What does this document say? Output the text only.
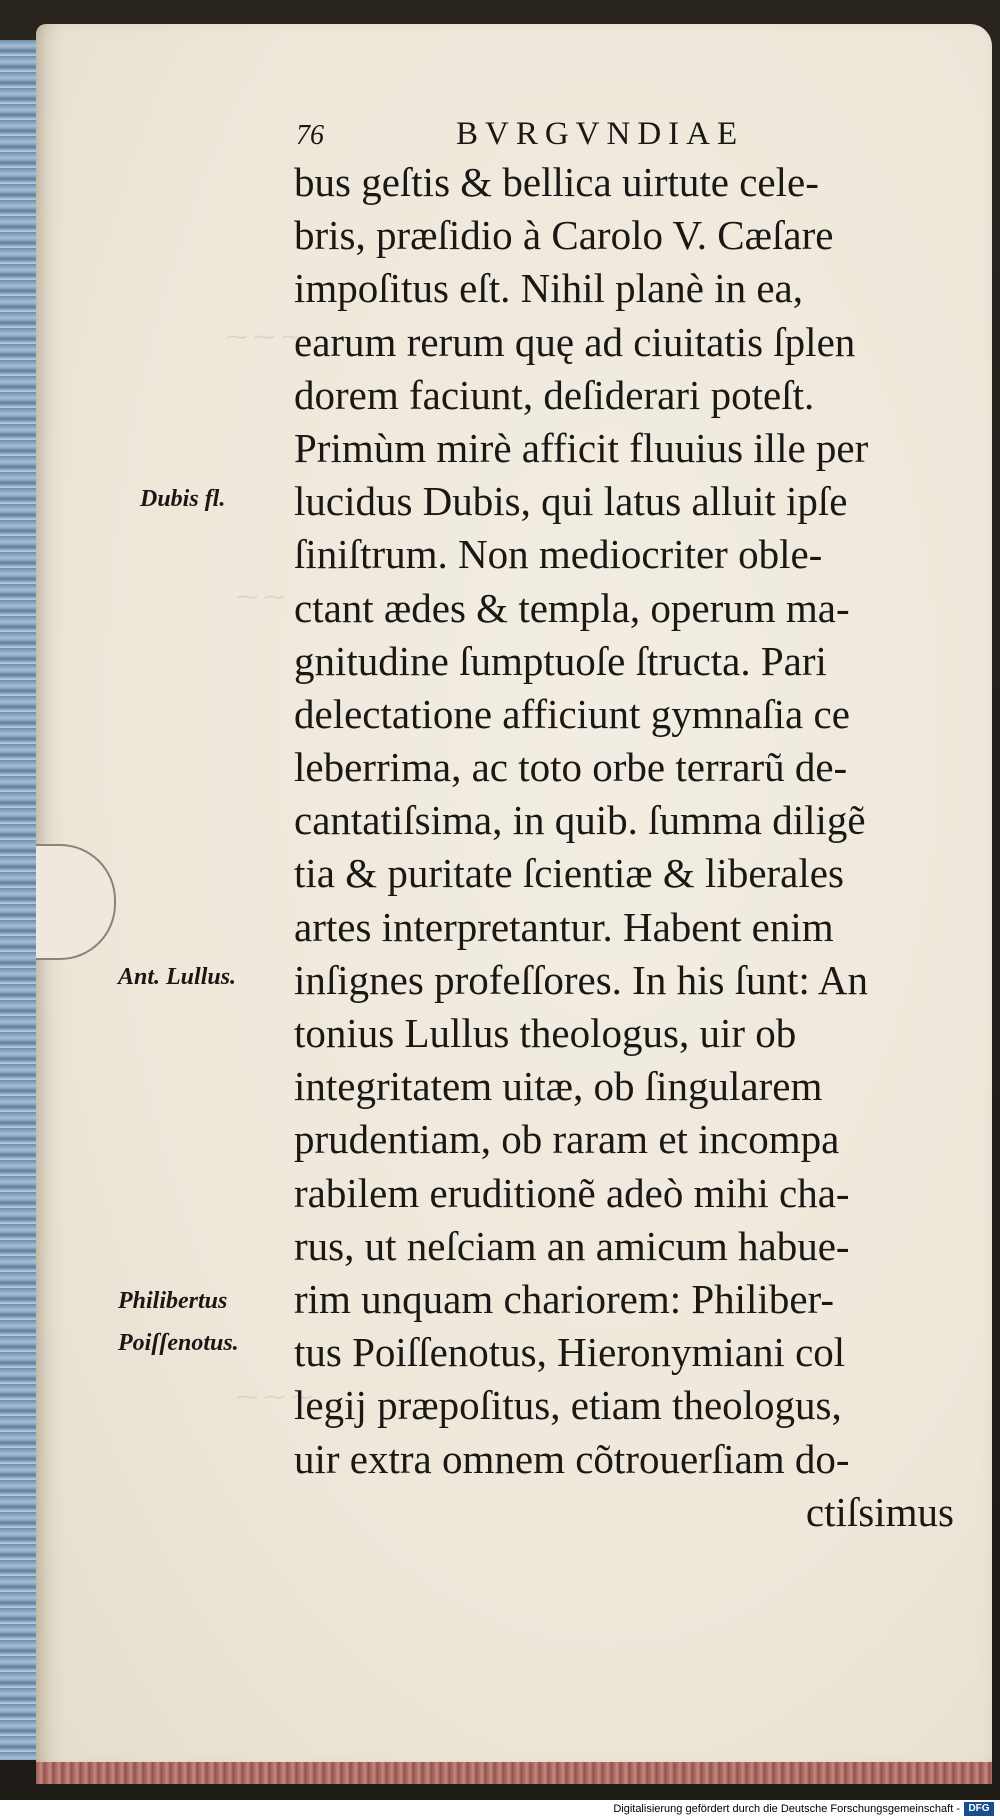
⁓ ⁓ ⁓
⁓ ⁓
⁓ ⁓ ⁓
76	BVRGVNDIAE
bus geſtis & bellica uirtute cele-
bris, præſidio à Carolo V. Cæſare
impoſitus eſt. Nihil planè in ea,
earum rerum quę ad ciuitatis ſplen
dorem faciunt, deſiderari poteſt.
Primùm mirè afficit fluuius ille per
lucidus Dubis, qui latus alluit ipſe
ſiniſtrum. Non mediocriter oble-
ctant ædes & templa, operum ma-
gnitudine ſumptuoſe ſtructa. Pari
delectatione afficiunt gymnaſia ce
leberrima, ac toto orbe terrarũ de-
cantatiſsima, in quib. ſumma diligẽ
tia & puritate ſcientiæ & liberales
artes interpretantur. Habent enim
inſignes profeſſores. In his ſunt: An
tonius Lullus theologus, uir ob
integritatem uitæ, ob ſingularem
prudentiam, ob raram et incompa
rabilem eruditionẽ adeò mihi cha-
rus, ut neſciam an amicum habue-
rim unquam chariorem: Philiber-
tus Poiſſenotus, Hieronymiani col
legij præpoſitus, etiam theologus,
uir extra omnem cõtrouerſiam do-
ctiſsimus
Dubis fl.
Ant. Lullus.
Philibertus
Poiſſenotus.
Digitalisierung gefördert durch die Deutsche Forschungsgemeinschaft - DFG
